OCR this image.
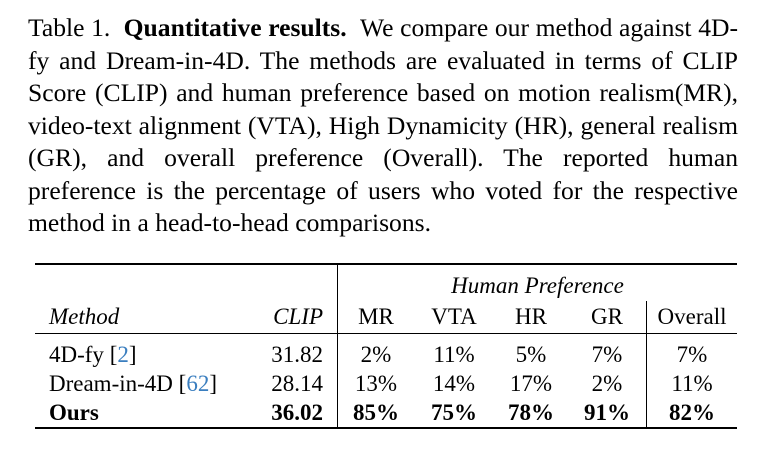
Table 1. Quantitative results. We compare our method against 4D-fy and Dream-in-4D. The methods are evaluated in terms of CLIP Score (CLIP) and human preference based on motion realism(MR), video-text alignment (VTA), High Dynamicity (HR), general realism (GR), and overall preference (Overall). The reported human preference is the percentage of users who voted for the respective method in a head-to-head comparisons.

		Human Preference				
Method	CLIP	MR	VTA	HR	GR	Overall
4D-fy [2]	31.82	2%	11%	5%	7%	7%
Dream-in-4D [62]	28.14	13%	14%	17%	2%	11%
Ours	36.02	85%	75%	78%	91%	82%
